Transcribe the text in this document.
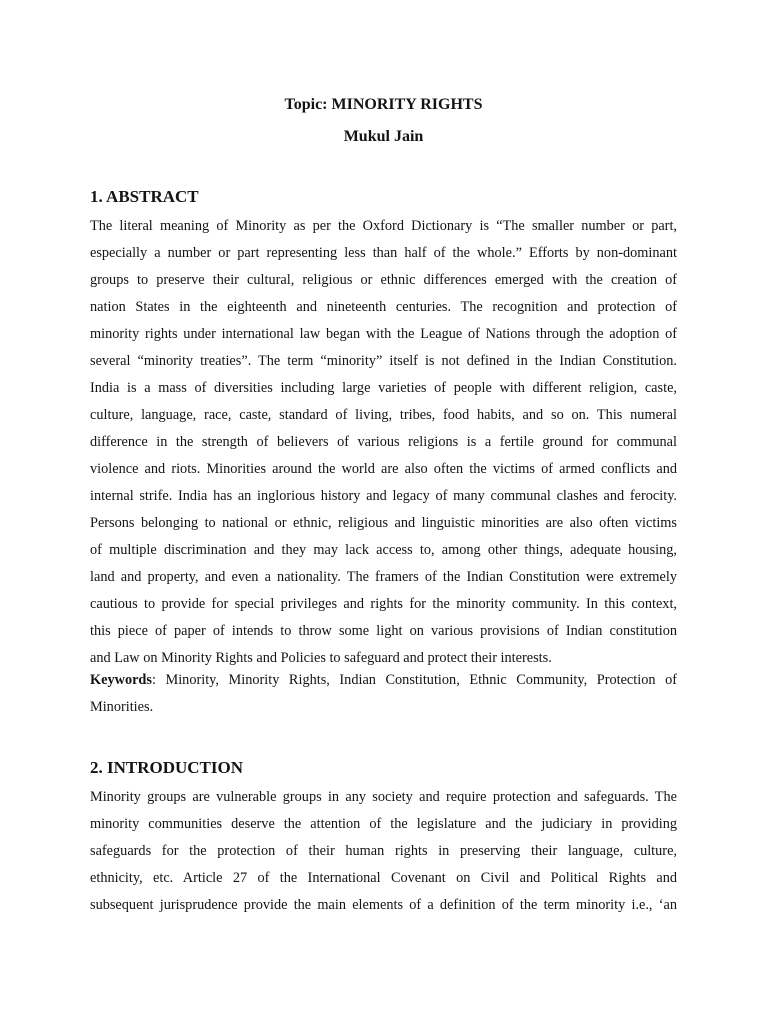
Topic: MINORITY RIGHTS
Mukul Jain
1. ABSTRACT

The literal meaning of Minority as per the Oxford Dictionary is “The smaller number or part,
especially a number or part representing less than half of the whole.” Efforts by non-dominant
groups to preserve their cultural, religious or ethnic differences emerged with the creation of
nation States in the eighteenth and nineteenth centuries. The recognition and protection of
minority rights under international law began with the League of Nations through the adoption of
several “minority treaties”. The term “minority” itself is not defined in the Indian Constitution.
India is a mass of diversities including large varieties of people with different religion, caste,
culture, language, race, caste, standard of living, tribes, food habits, and so on. This numeral
difference in the strength of believers of various religions is a fertile ground for communal
violence and riots. Minorities around the world are also often the victims of armed conflicts and
internal strife. India has an inglorious history and legacy of many communal clashes and ferocity.
Persons belonging to national or ethnic, religious and linguistic minorities are also often victims
of multiple discrimination and they may lack access to, among other things, adequate housing,
land and property, and even a nationality. The framers of the Indian Constitution were extremely
cautious to provide for special privileges and rights for the minority community. In this context,
this piece of paper of intends to throw some light on various provisions of Indian constitution
and Law on Minority Rights and Policies to safeguard and protect their interests.

Keywords: Minority, Minority Rights, Indian Constitution, Ethnic Community, Protection of
Minorities.

2. INTRODUCTION

Minority groups are vulnerable groups in any society and require protection and safeguards. The
minority communities deserve the attention of the legislature and the judiciary in providing
safeguards for the protection of their human rights in preserving their language, culture,
ethnicity, etc. Article 27 of the International Covenant on Civil and Political Rights and
subsequent jurisprudence provide the main elements of a definition of the term minority i.e., ‘an
